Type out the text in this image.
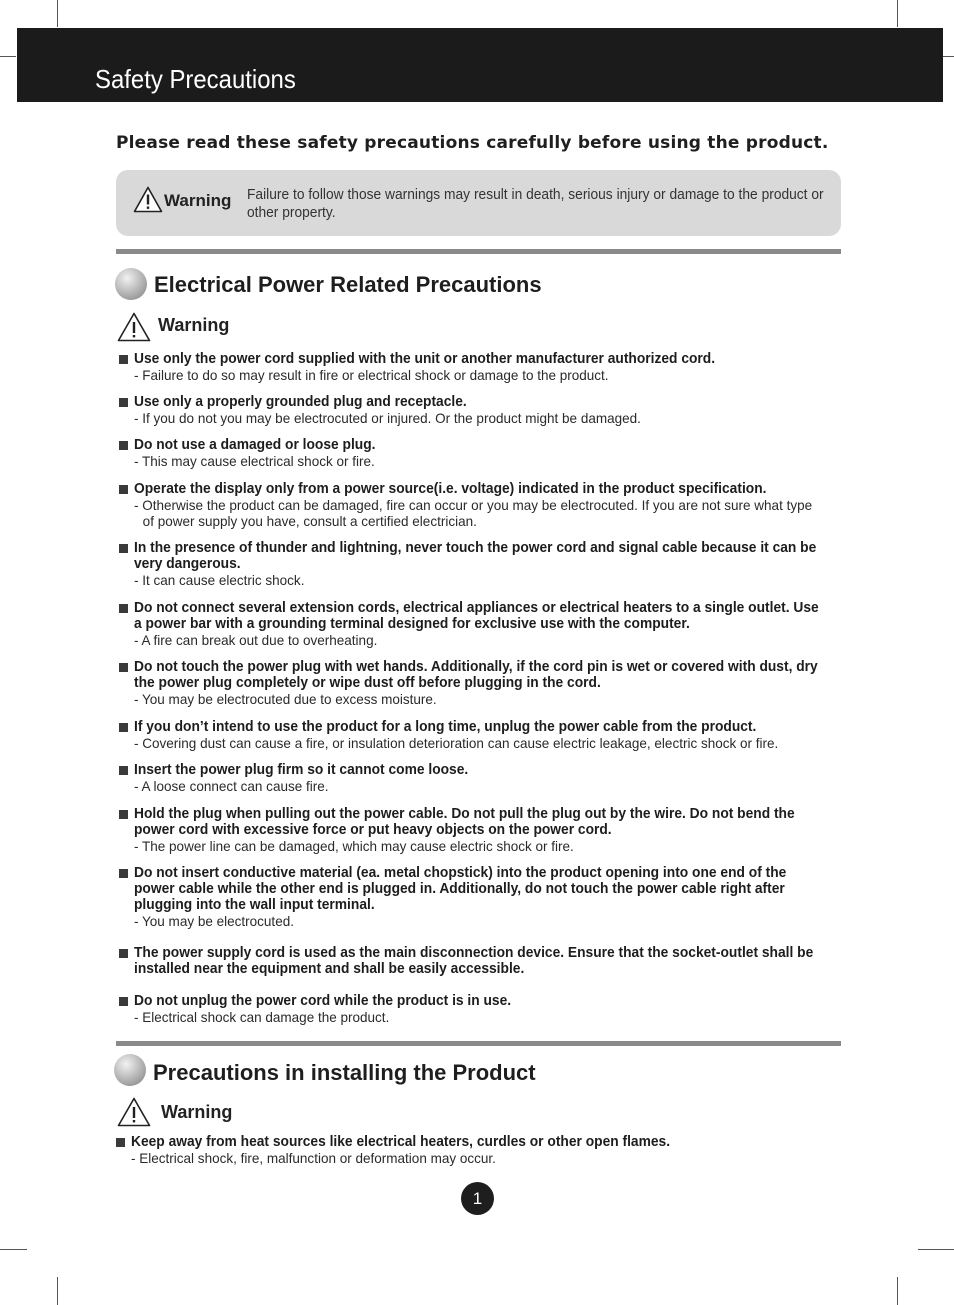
Safety Precautions
Please read these safety precautions carefully before using the product.
Warning Failure to follow those warnings may result in death, serious injury or damage to the product or other property.
Electrical Power Related Precautions
Warning
Use only the power cord supplied with the unit or another manufacturer authorized cord.
- Failure to do so may result in fire or electrical shock or damage to the product.
Use only a properly grounded plug and receptacle.
- If you do not you may be electrocuted or injured. Or the product might be damaged.
Do not use a damaged or loose plug.
- This may cause electrical shock or fire.
Operate the display only from a power source(i.e. voltage) indicated in the product specification.
- Otherwise the product can be damaged, fire can occur or you may be electrocuted. If you are not sure what type of power supply you have, consult a certified electrician.
In the presence of thunder and lightning, never touch the power cord and signal cable because it can be very dangerous.
- It can cause electric shock.
Do not connect several extension cords, electrical appliances or electrical heaters to a single outlet. Use a power bar with a grounding terminal designed for exclusive use with the computer.
- A fire can break out due to overheating.
Do not touch the power plug with wet hands. Additionally, if the cord pin is wet or covered with dust, dry the power plug completely or wipe dust off before plugging in the cord.
- You may be electrocuted due to excess moisture.
If you don’t intend to use the product for a long time, unplug the power cable from the product.
- Covering dust can cause a fire, or insulation deterioration can cause electric leakage, electric shock or fire.
Insert the power plug firm so it cannot come loose.
- A loose connect can cause fire.
Hold the plug when pulling out the power cable. Do not pull the plug out by the wire. Do not bend the power cord with excessive force or put heavy objects on the power cord.
- The power line can be damaged, which may cause electric shock or fire.
Do not insert conductive material (ea. metal chopstick) into the product opening into one end of the power cable while the other end is plugged in. Additionally, do not touch the power cable right after plugging into the wall input terminal.
- You may be electrocuted.
The power supply cord is used as the main disconnection device. Ensure that the socket-outlet shall be installed near the equipment and shall be easily accessible.
Do not unplug the power cord while the product is in use.
- Electrical shock can damage the product.
Precautions in installing the Product
Warning
Keep away from heat sources like electrical heaters, curdles or other open flames.
- Electrical shock, fire, malfunction or deformation may occur.
1
